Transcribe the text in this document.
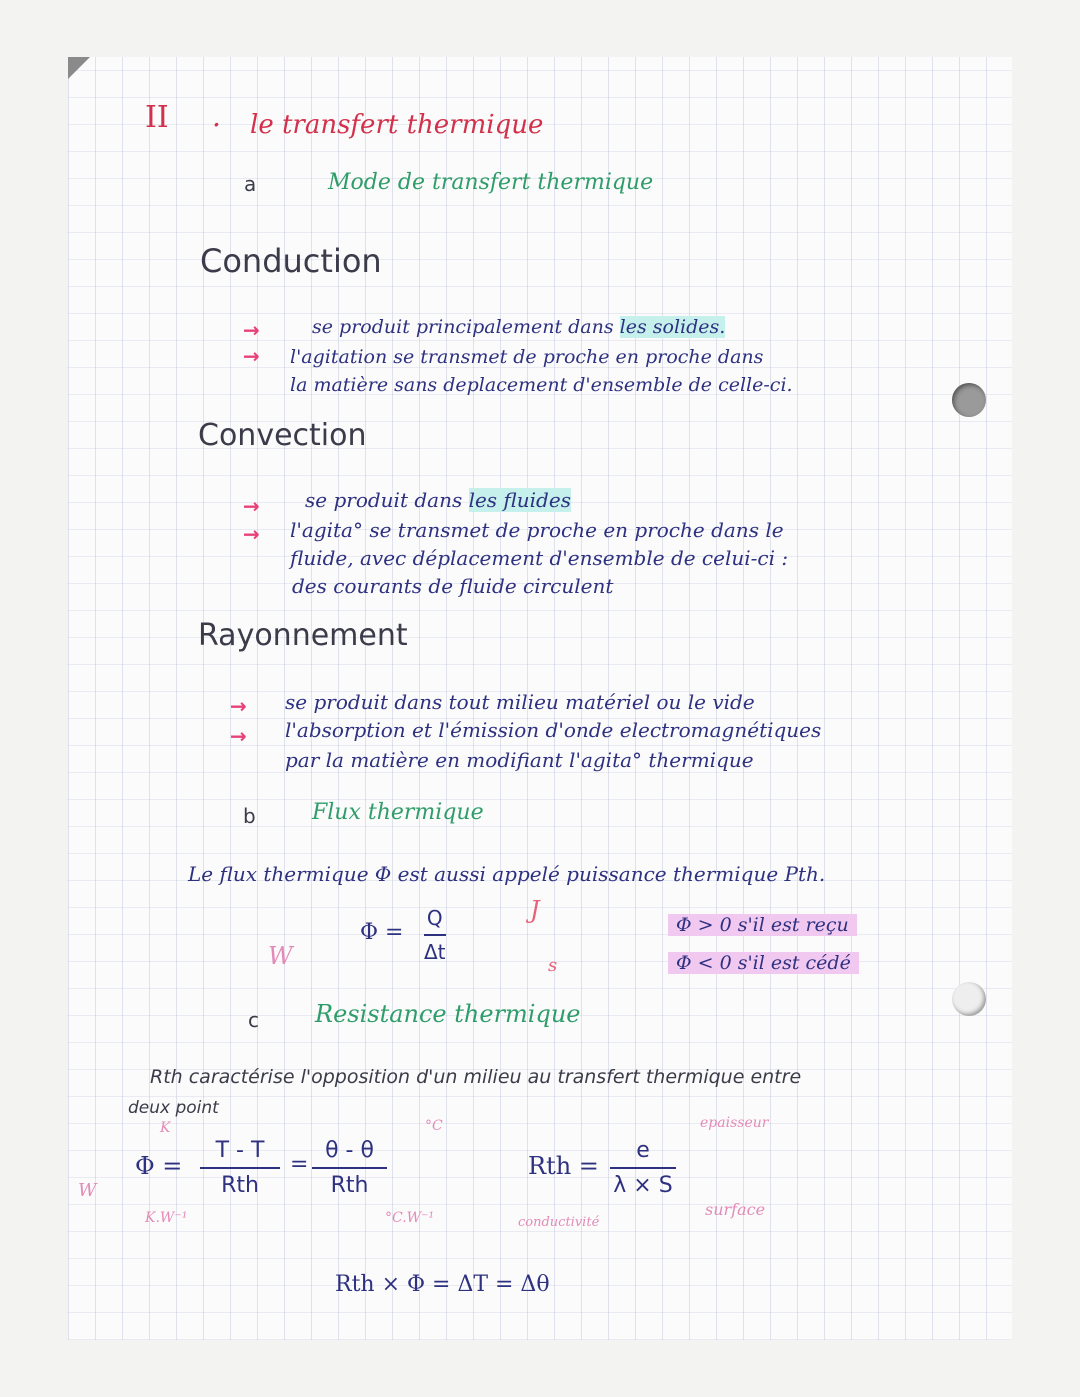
II . le transfert thermique
a	Mode de transfert thermique
Conduction
→
→
se produit principalement dans les solides.
l'agitation se transmet de proche en proche dans
la matière sans deplacement d'ensemble de celle-ci.
Convection
→
→
se produit dans les fluides
l'agita° se transmet de proche en proche dans le
fluide, avec déplacement d'ensemble de celui-ci :
des courants de fluide circulent
Rayonnement
→
→
se produit dans tout milieu matériel ou le vide
l'absorption et l'émission d'onde electromagnétiques
par la matière en modifiant l'agita° thermique
b	Flux thermique
Le flux thermique Φ est aussi appelé puissance thermique Pth.
Φ =
Q
Δt
W
J
s
Φ > 0 s'il est reçu
Φ < 0 s'il est cédé
c Resistance thermique
Rth caractérise l'opposition d'un milieu au transfert thermique entre
deux point
Φ =
T - T
Rth
=
θ - θ
Rth
Rth =
e
λ × S
K	°C
K.W⁻¹	°C.W⁻¹
W
epaisseur
conductivité
surface
Rth × Φ = ΔT = Δθ
